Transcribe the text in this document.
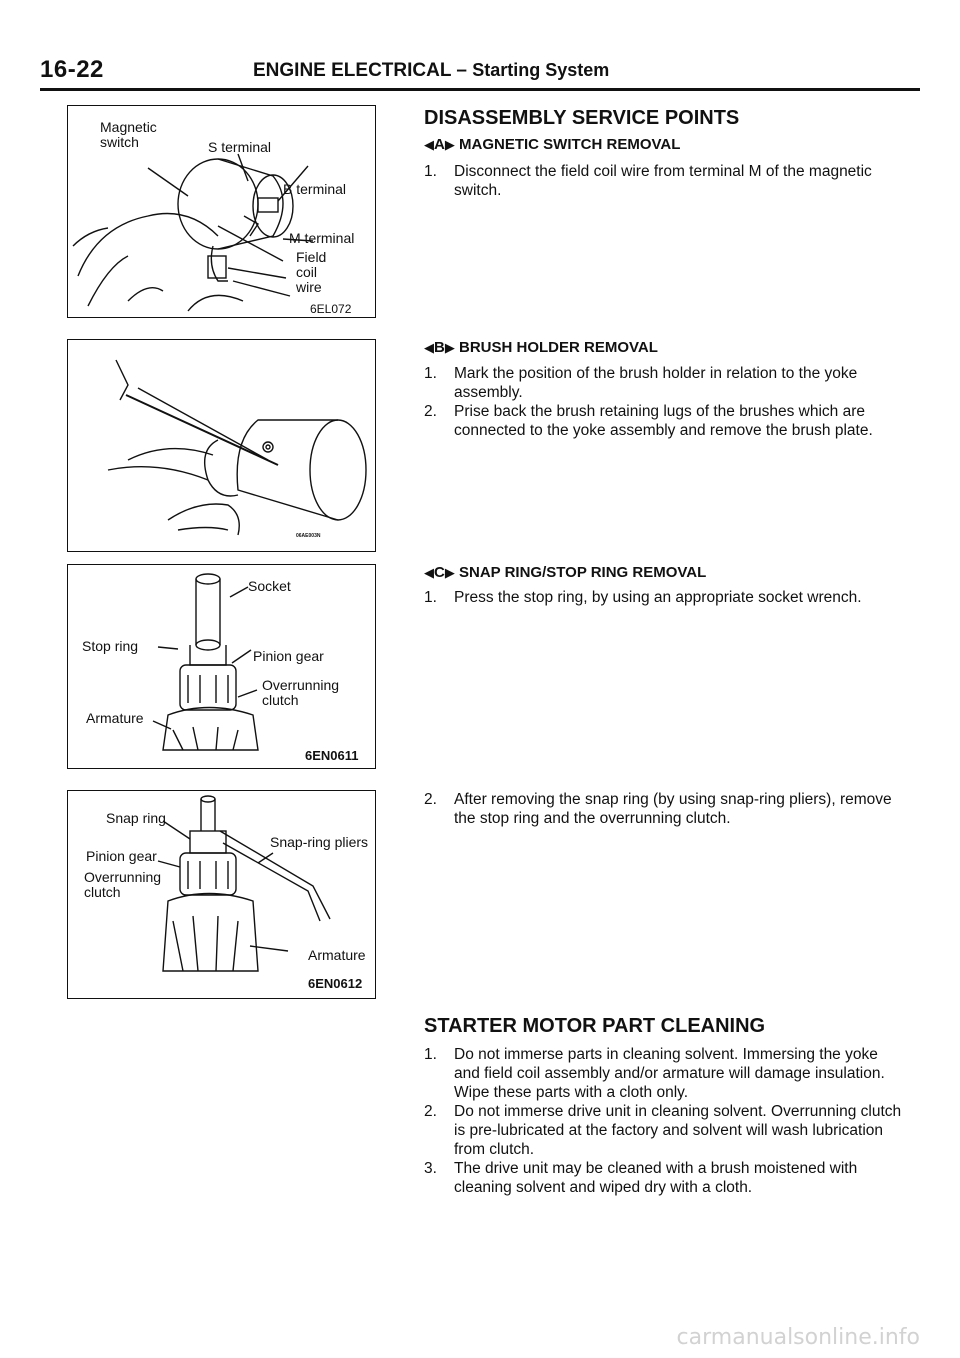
16-22	ENGINE ELECTRICAL – Starting System
Magnetic
switch	S terminal
B terminal
M terminal
Field
coil
wire
6EL072
06AE003N
Socket
Stop ring
Pinion gear
Overrunning
clutch
Armature
6EN0611
Snap ring
Pinion gear
Overrunning
clutch
Snap-ring pliers
Armature
6EN0612
DISASSEMBLY SERVICE POINTS
◀A▶ MAGNETIC SWITCH REMOVAL
1. Disconnect the field coil wire from terminal M of the magnetic switch.
◀B▶ BRUSH HOLDER REMOVAL
1. Mark the position of the brush holder in relation to the yoke assembly.
2. Prise back the brush retaining lugs of the brushes which are connected to the yoke assembly and remove the brush plate.
◀C▶ SNAP RING/STOP RING REMOVAL
1. Press the stop ring, by using an appropriate socket wrench.
2. After removing the snap ring (by using snap-ring pliers), remove the stop ring and the overrunning clutch.
STARTER MOTOR PART CLEANING
1. Do not immerse parts in cleaning solvent. Immersing the yoke and field coil assembly and/or armature will damage insulation. Wipe these parts with a cloth only.
2. Do not immerse drive unit in cleaning solvent. Overrunning clutch is pre-lubricated at the factory and solvent will wash lubrication from clutch.
3. The drive unit may be cleaned with a brush moistened with cleaning solvent and wiped dry with a cloth.
carmanualsonline.info
